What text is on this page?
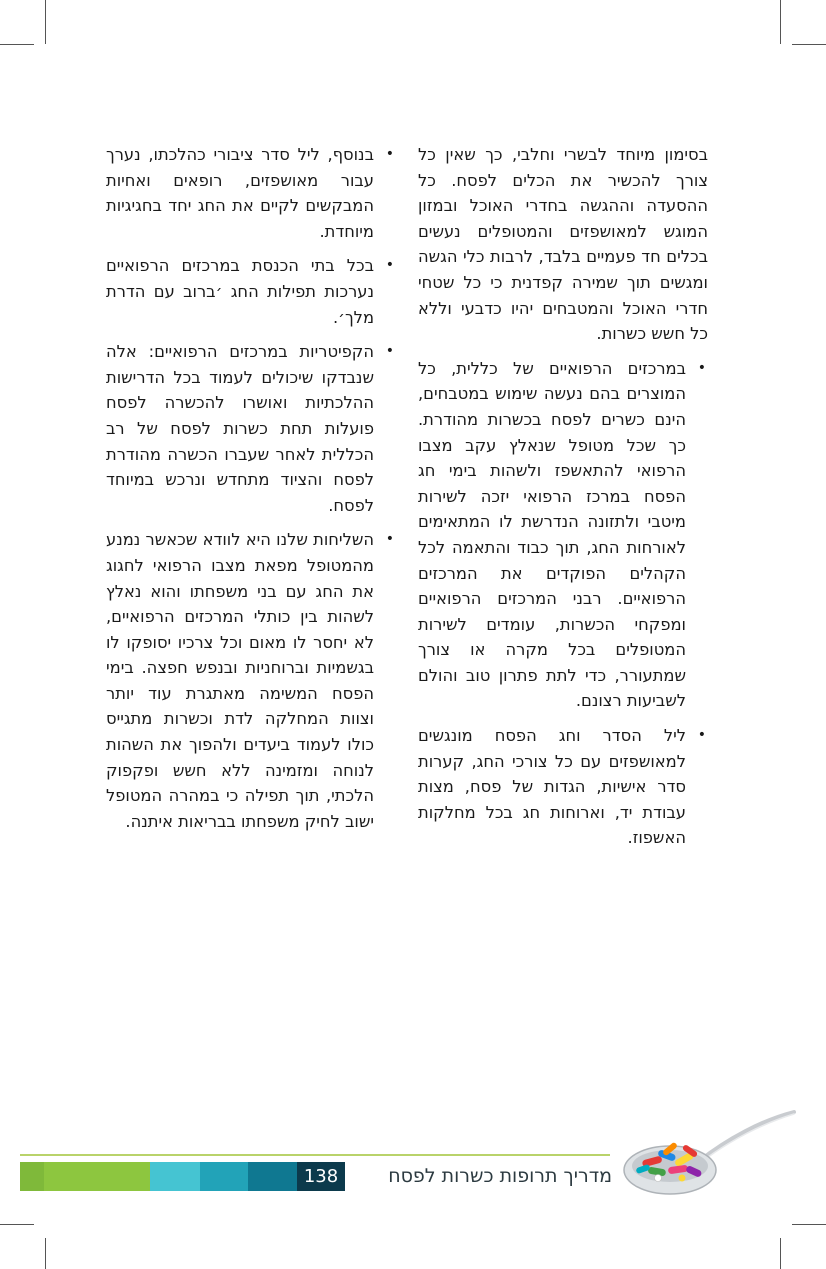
בסימון מיוחד לבשרי וחלבי, כך שאין כל צורך להכשיר את הכלים לפסח. כל ההסעדה וההגשה בחדרי האוכל ובמזון המוגש למאושפזים והמטופלים נעשים בכלים חד פעמיים בלבד, לרבות כלי הגשה ומגשים תוך שמירה קפדנית כי כל שטחי חדרי האוכל והמטבחים יהיו כדבעי וללא כל חשש כשרות.

•
במרכזים הרפואיים של כללית, כל המוצרים בהם נעשה שימוש במטבחים, הינם כשרים לפסח בכשרות מהודרת. כך שכל מטופל שנאלץ עקב מצבו הרפואי להתאשפז ולשהות בימי חג הפסח במרכז הרפואי יזכה לשירות מיטבי ולתזונה הנדרשת לו המתאימים לאורחות החג, תוך כבוד והתאמה לכל הקהלים הפוקדים את המרכזים הרפואיים. רבני המרכזים הרפואיים ומפקחי הכשרות, עומדים לשירות המטופלים בכל מקרה או צורך שמתעורר, כדי לתת פתרון טוב והולם לשביעות רצונם.
•
ליל הסדר וחג הפסח מונגשים למאושפזים עם כל צורכי החג, קערות סדר אישיות, הגדות של פסח, מצות עבודת יד, וארוחות חג בכל מחלקות האשפוז.
•
בנוסף, ליל סדר ציבורי כהלכתו, נערך עבור מאושפזים, רופאים ואחיות המבקשים לקיים את החג יחד בחגיגיות מיוחדת.
•
בכל בתי הכנסת במרכזים הרפואיים נערכות תפילות החג ׳ברוב עם הדרת מלך׳.
•
הקפיטריות במרכזים הרפואיים: אלה שנבדקו שיכולים לעמוד בכל הדרישות ההלכתיות ואושרו להכשרה לפסח פועלות תחת כשרות לפסח של רב הכללית לאחר שעברו הכשרה מהודרת לפסח והציוד מתחדש ונרכש במיוחד לפסח.
•
השליחות שלנו היא לוודא שכאשר נמנע מהמטופל מפאת מצבו הרפואי לחגוג את החג עם בני משפחתו והוא נאלץ לשהות בין כותלי המרכזים הרפואיים, לא יחסר לו מאום וכל צרכיו יסופקו לו בגשמיות וברוחניות ובנפש חפצה. בימי הפסח המשימה מאתגרת עוד יותר וצוות המחלקה לדת וכשרות מתגייס כולו לעמוד ביעדים ולהפוך את השהות לנוחה ומזמינה ללא חשש ופקפוק הלכתי, תוך תפילה כי במהרה המטופל ישוב לחיק משפחתו בבריאות איתנה.
138	מדריך תרופות כשרות לפסח
